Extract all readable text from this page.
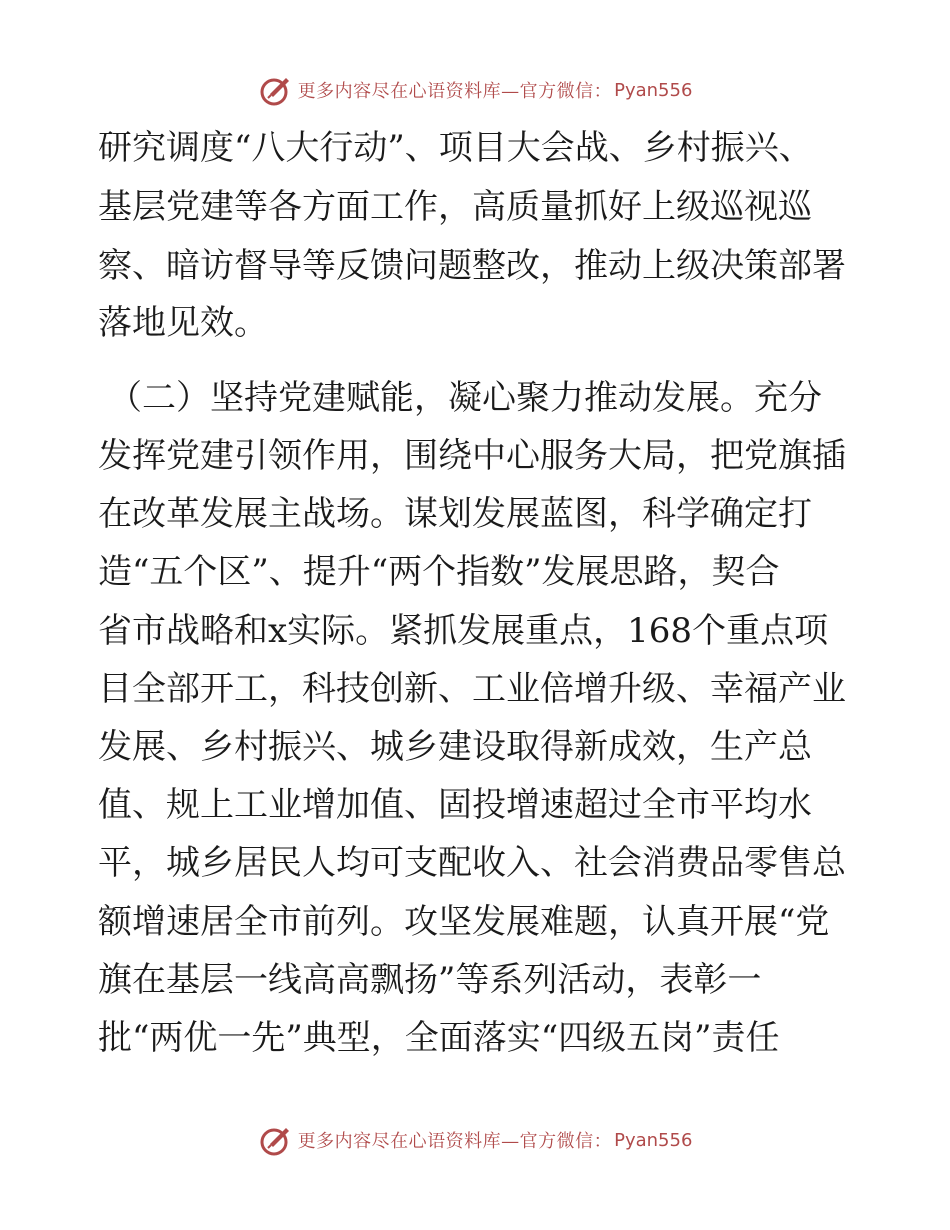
更多内容尽在心语资料库—官方微信： Pyan556
研究调度“八大行动”、项目大会战、乡村振兴、
基层党建等各方面工作，高质量抓好上级巡视巡
察、暗访督导等反馈问题整改，推动上级决策部署
落地见效。
（二）坚持党建赋能，凝心聚力推动发展。充分
发挥党建引领作用，围绕中心服务大局，把党旗插
在改革发展主战场。谋划发展蓝图，科学确定打
造“五个区”、提升“两个指数”发展思路，契合
省市战略和x实际。紧抓发展重点，168个重点项
目全部开工，科技创新、工业倍增升级、幸福产业
发展、乡村振兴、城乡建设取得新成效，生产总
值、规上工业增加值、固投增速超过全市平均水
平，城乡居民人均可支配收入、社会消费品零售总
额增速居全市前列。攻坚发展难题，认真开展“党
旗在基层一线高高飘扬”等系列活动，表彰一
批“两优一先”典型，全面落实“四级五岗”责任
更多内容尽在心语资料库—官方微信： Pyan556
